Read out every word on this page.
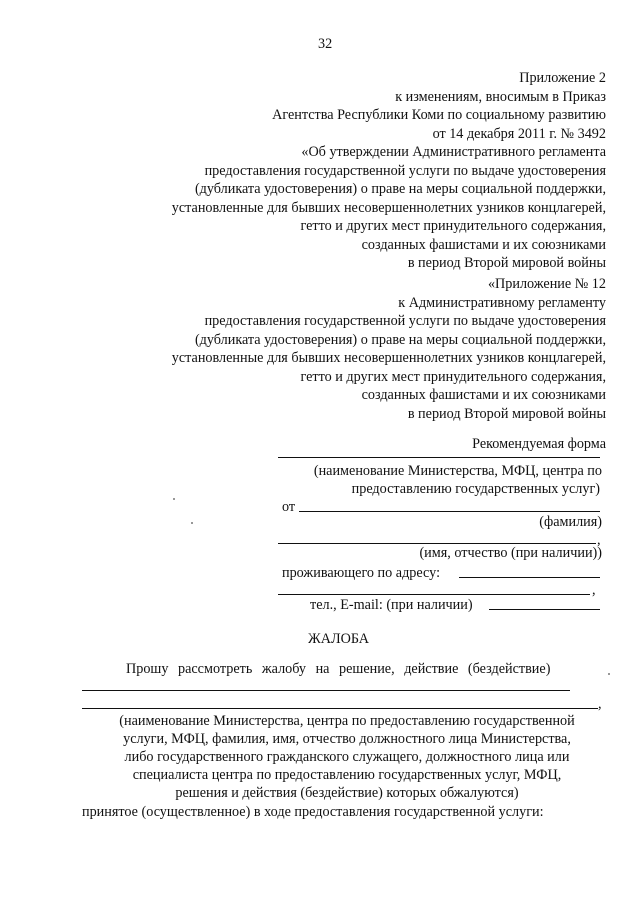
32
Приложение 2
к изменениям, вносимым в Приказ
Агентства Республики Коми по социальному развитию
от 14 декабря 2011 г. № 3492
«Об утверждении Административного регламента
предоставления государственной услуги по выдаче удостоверения
(дубликата удостоверения) о праве на меры социальной поддержки,
установленные для бывших несовершеннолетних узников концлагерей,
гетто и других мест принудительного содержания,
созданных фашистами и их союзниками
в период Второй мировой войны
«Приложение № 12
к Административному регламенту
предоставления государственной услуги по выдаче удостоверения
(дубликата удостоверения) о праве на меры социальной поддержки,
установленные для бывших несовершеннолетних узников концлагерей,
гетто и других мест принудительного содержания,
созданных фашистами и их союзниками
в период Второй мировой войны
Рекомендуемая форма
(наименование Министерства, МФЦ, центра по
предоставлению государственных услуг)
от
(фамилия)
,
(имя, отчество (при наличии))
проживающего по адресу:
,
тел., E-mail: (при наличии)
ЖАЛОБА
Прошу рассмотреть жалобу на решение, действие (бездействие)
,
(наименование Министерства, центра по предоставлению государственной
услуги, МФЦ, фамилия, имя, отчество должностного лица Министерства,
либо государственного гражданского служащего, должностного лица или
специалиста центра по предоставлению государственных услуг, МФЦ,
решения и действия (бездействие) которых обжалуются)
принятое (осуществленное) в ходе предоставления государственной услуги:
